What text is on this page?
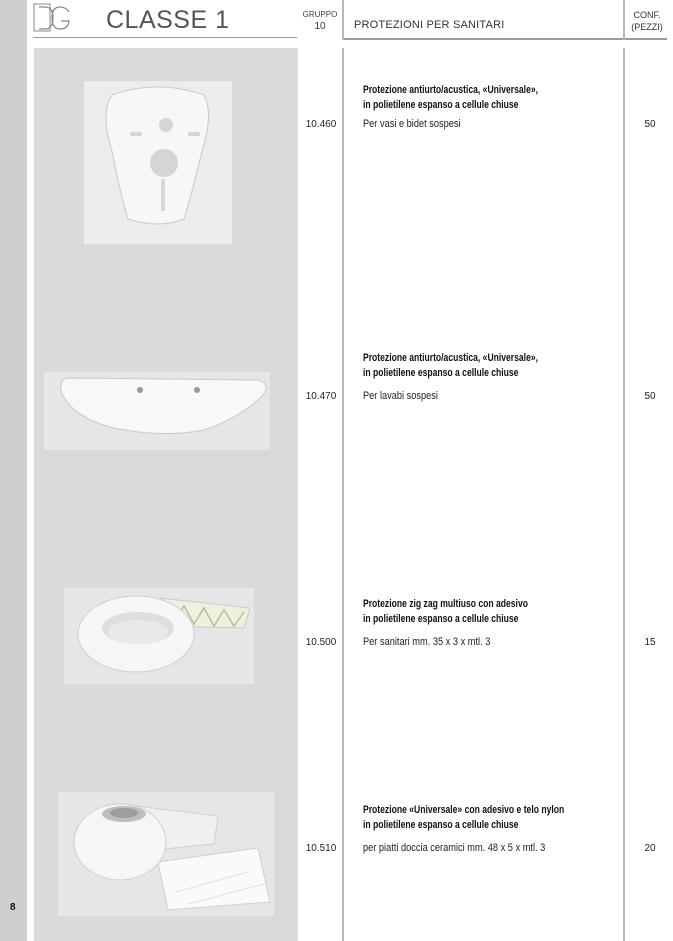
8
CLASSE 1	GRUPPO
10	PROTEZIONI PER SANITARI
CONF.
(PEZZI)
Protezione antiurto/acustica, «Universale»,
in polietilene espanso a cellule chiuse
10.460	Per vasi e bidet sospesi	50
Protezione antiurto/acustica, «Universale»,
in polietilene espanso a cellule chiuse
10.470	Per lavabi sospesi	50
Protezione zig zag multiuso con adesivo
in polietilene espanso a cellule chiuse
10.500	Per sanitari mm. 35 x 3 x mtl. 3	15
Protezione «Universale» con adesivo e telo nylon
in polietilene espanso a cellule chiuse
10.510	per piatti doccia ceramici mm. 48 x 5 x mtl. 3	20
